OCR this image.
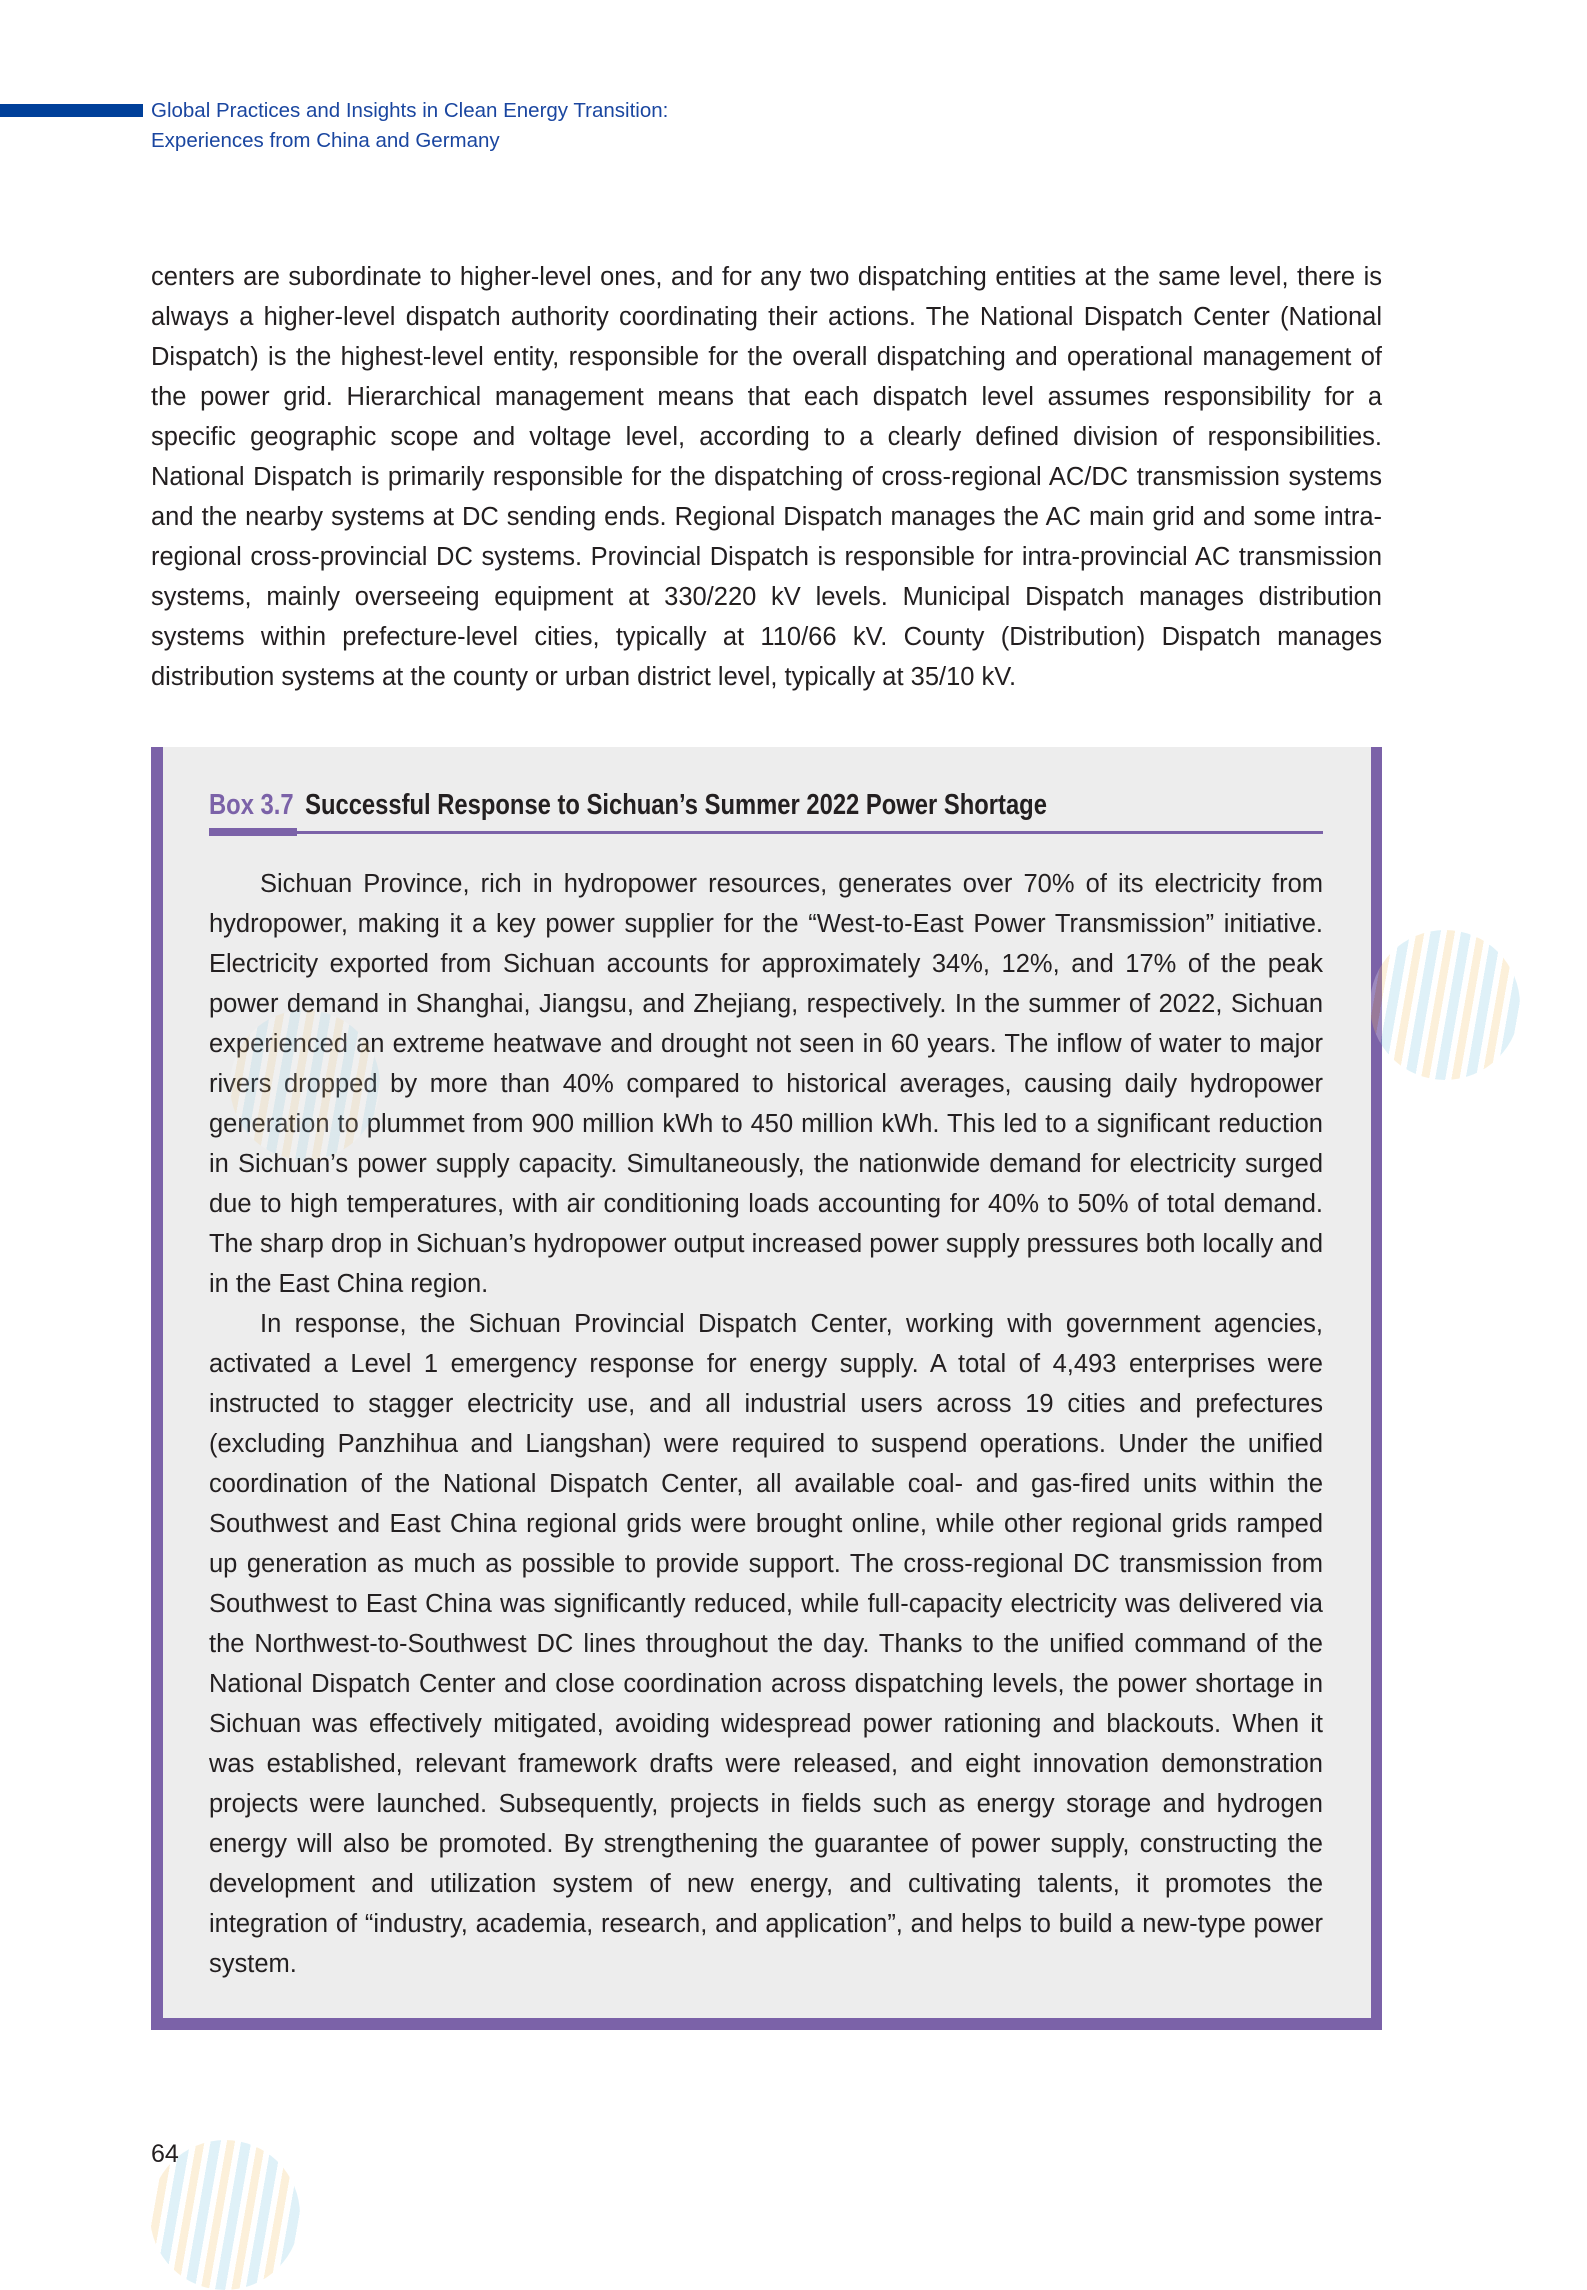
Global Practices and Insights in Clean Energy Transition:
Experiences from China and Germany
centers are subordinate to higher-level ones, and for any two dispatching entities at the same level, there is always a higher-level dispatch authority coordinating their actions. The National Dispatch Center (National Dispatch) is the highest-level entity, responsible for the overall dispatching and operational management of the power grid. Hierarchical management means that each dispatch level assumes responsibility for a specific geographic scope and voltage level, according to a clearly defined division of responsibilities. National Dispatch is primarily responsible for the dispatching of cross-regional AC/DC transmission systems and the nearby systems at DC sending ends. Regional Dispatch manages the AC main grid and some intra-regional cross-provincial DC systems. Provincial Dispatch is responsible for intra-provincial AC transmission systems, mainly overseeing equipment at 330/220 kV levels. Municipal Dispatch manages distribution systems within prefecture-level cities, typically at 110/66 kV. County (Distribution) Dispatch manages distribution systems at the county or urban district level, typically at 35/10 kV.
Box 3.7 Successful Response to Sichuan’s Summer 2022 Power Shortage

Sichuan Province, rich in hydropower resources, generates over 70% of its electricity from hydropower, making it a key power supplier for the “West-to-East Power Transmission” initiative. Electricity exported from Sichuan accounts for approximately 34%, 12%, and 17% of the peak power demand in Shanghai, Jiangsu, and Zhejiang, respectively. In the summer of 2022, Sichuan experienced an extreme heatwave and drought not seen in 60 years. The inflow of water to major rivers dropped by more than 40% compared to historical averages, causing daily hydropower generation to plummet from 900 million kWh to 450 million kWh. This led to a significant reduction in Sichuan’s power supply capacity. Simultaneously, the nationwide demand for electricity surged due to high temperatures, with air conditioning loads accounting for 40% to 50% of total demand. The sharp drop in Sichuan’s hydropower output increased power supply pressures both locally and in the East China region.

In response, the Sichuan Provincial Dispatch Center, working with government agencies, activated a Level 1 emergency response for energy supply. A total of 4,493 enterprises were instructed to stagger electricity use, and all industrial users across 19 cities and prefectures (excluding Panzhihua and Liangshan) were required to suspend operations. Under the unified coordination of the National Dispatch Center, all available coal- and gas-fired units within the Southwest and East China regional grids were brought online, while other regional grids ramped up generation as much as possible to provide support. The cross-regional DC transmission from Southwest to East China was significantly reduced, while full-capacity electricity was delivered via the Northwest-to-Southwest DC lines throughout the day. Thanks to the unified command of the National Dispatch Center and close coordination across dispatching levels, the power shortage in Sichuan was effectively mitigated, avoiding widespread power rationing and blackouts. When it was established, relevant framework drafts were released, and eight innovation demonstration projects were launched. Subsequently, projects in fields such as energy storage and hydrogen energy will also be promoted. By strengthening the guarantee of power supply, constructing the development and utilization system of new energy, and cultivating talents, it promotes the integration of “industry, academia, research, and application”, and helps to build a new-type power system.

64
